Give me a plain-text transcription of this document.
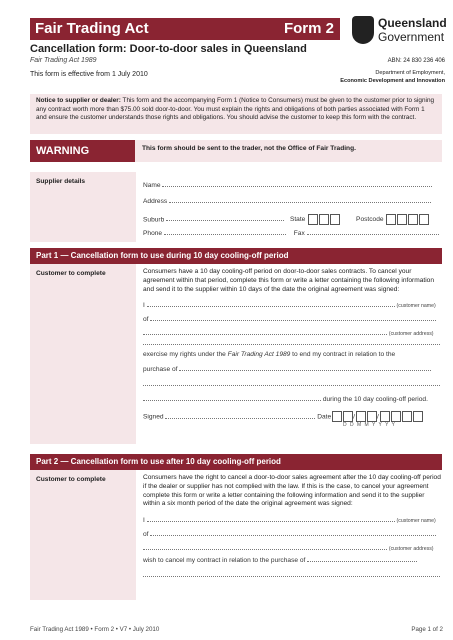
Fair Trading Act	Form 2
Cancellation form: Door-to-door sales in Queensland
Fair Trading Act 1989
This form is effective from 1 July 2010
Queensland
Government
ABN: 24 830 236 406
Department of Employment,
Economic Development and Innovation
Notice to supplier or dealer: This form and the accompanying Form 1 (Notice to Consumers) must be given to the customer prior to signing any contract worth more than $75.00 sold door-to-door. You must explain the rights and obligations of both parties associated with Form 1 and ensure the customer understands those rights and obligations. You should advise the customer to keep this form with the contract.
WARNING	This form should be sent to the trader, not the Office of Fair Trading.
Supplier details
Name
Address
Suburb	State	Postcode
Phone	Fax
Part 1 — Cancellation form to use during 10 day cooling-off period
Customer to complete	Consumers have a 10 day cooling-off period on door-to-door sales contracts. To cancel your agreement within that period, complete this form or write a letter containing the following information and send it to the supplier within 10 days of the date the original agreement was signed:
I	(customer name)
of
(customer address)
exercise my rights under the Fair Trading Act 1989 to end my contract in relation to the
purchase of
during the 10 day cooling-off period.
Signed	Date	/	/
D D M M Y Y Y Y
Part 2 — Cancellation form to use after 10 day cooling-off period
Customer to complete	Consumers have the right to cancel a door-to-door sales agreement after the 10 day cooling-off period if the dealer or supplier has not complied with the law. If this is the case, to cancel your agreement complete this form or write a letter containing the following information and send it to the supplier within a six month period of the date the original agreement was signed:
I	(customer name)
of
(customer address)
wish to cancel my contract in relation to the purchase of
Fair Trading Act 1989 • Form 2 • V7 • July 2010	Page 1 of 2
